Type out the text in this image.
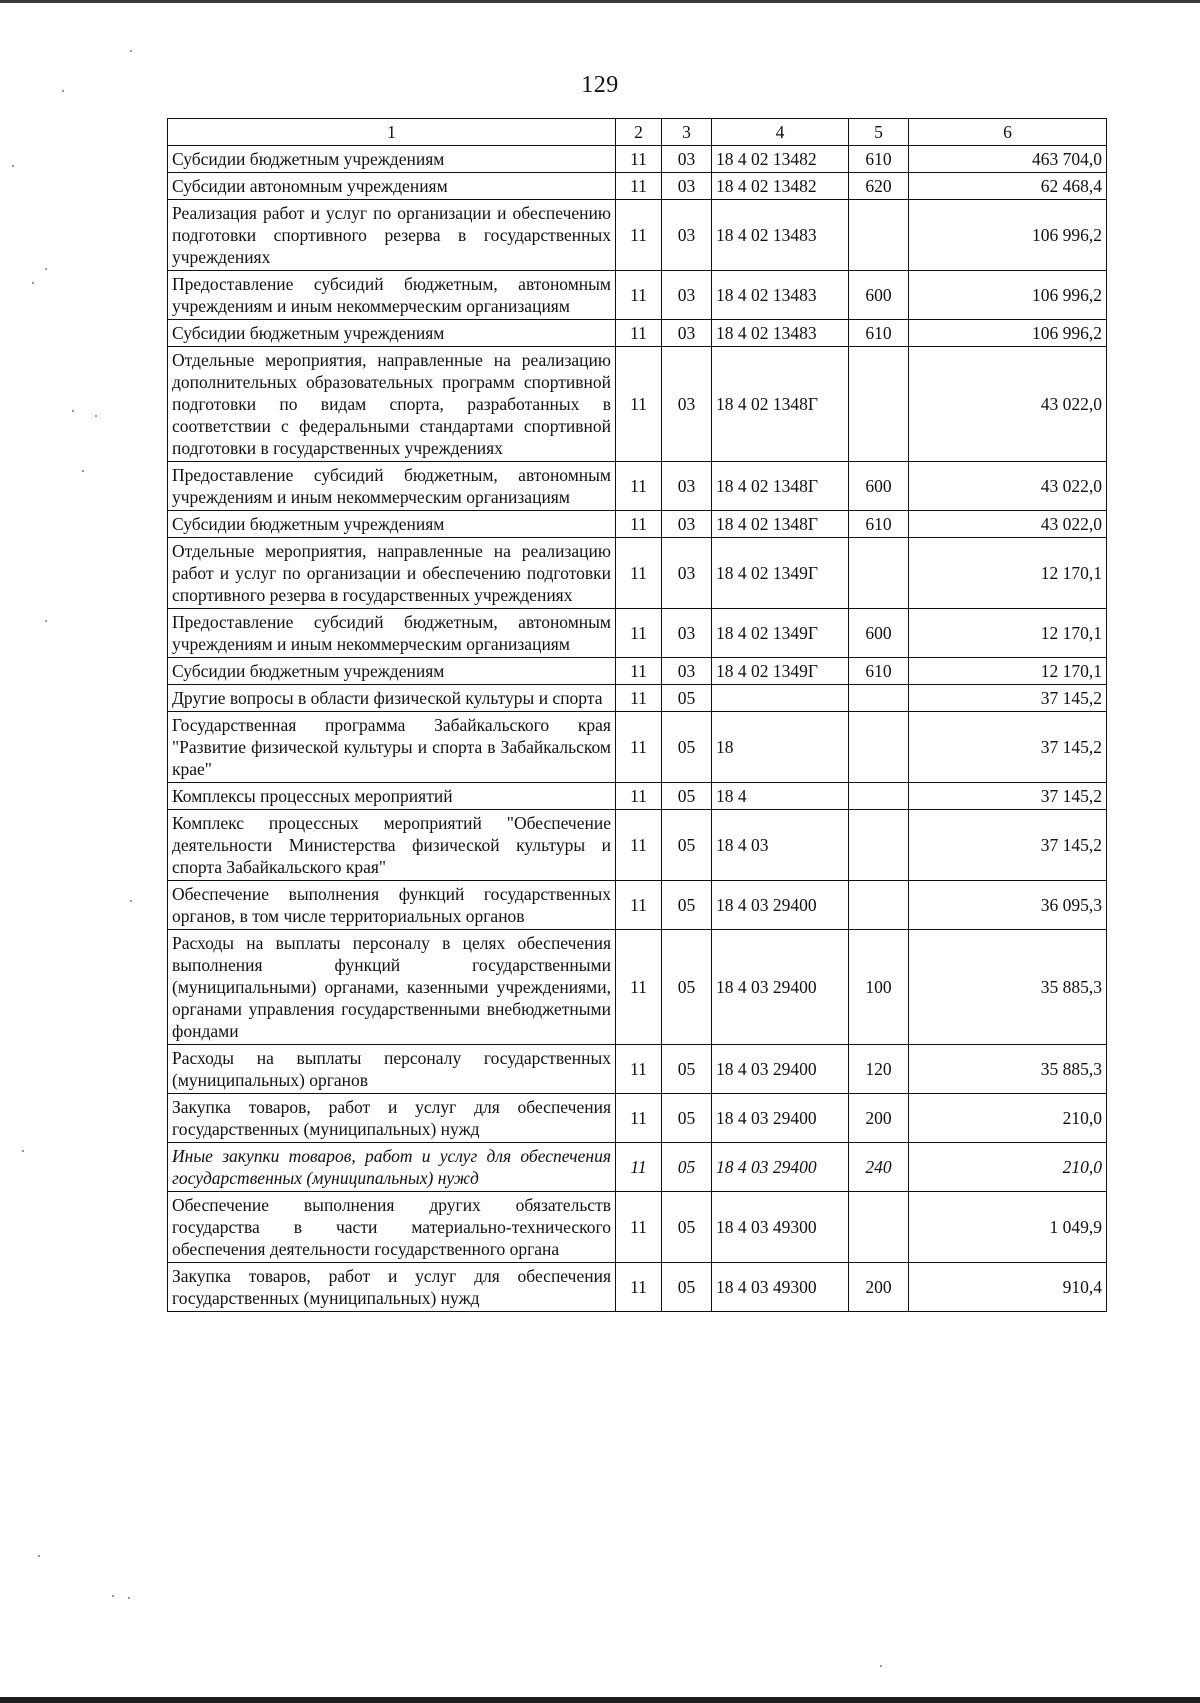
129
1	2	3	4	5	6
Субсидии бюджетным учреждениям	11	03	18 4 02 13482	610	463 704,0
Субсидии автономным учреждениям	11	03	18 4 02 13482	620	62 468,4
Реализация работ и услуг по организации и обеспечению подготовки спортивного резерва в государственных учреждениях	11	03	18 4 02 13483		106 996,2
Предоставление субсидий бюджетным, автономным учреждениям и иным некоммерческим организациям	11	03	18 4 02 13483	600	106 996,2
Субсидии бюджетным учреждениям	11	03	18 4 02 13483	610	106 996,2
Отдельные мероприятия, направленные на реализацию дополнительных образовательных программ спортивной подготовки по видам спорта, разработанных в соответствии с федеральными стандартами спортивной подготовки в государственных учреждениях	11	03	18 4 02 1348Г		43 022,0
Предоставление субсидий бюджетным, автономным учреждениям и иным некоммерческим организациям	11	03	18 4 02 1348Г	600	43 022,0
Субсидии бюджетным учреждениям	11	03	18 4 02 1348Г	610	43 022,0
Отдельные мероприятия, направленные на реализацию работ и услуг по организации и обеспечению подготовки спортивного резерва в государственных учреждениях	11	03	18 4 02 1349Г		12 170,1
Предоставление субсидий бюджетным, автономным учреждениям и иным некоммерческим организациям	11	03	18 4 02 1349Г	600	12 170,1
Субсидии бюджетным учреждениям	11	03	18 4 02 1349Г	610	12 170,1
Другие вопросы в области физической культуры и спорта	11	05			37 145,2
Государственная программа Забайкальского края "Развитие физической культуры и спорта в Забайкальском крае"	11	05	18		37 145,2
Комплексы процессных мероприятий	11	05	18 4		37 145,2
Комплекс процессных мероприятий "Обеспечение деятельности Министерства физической культуры и спорта Забайкальского края"	11	05	18 4 03		37 145,2
Обеспечение выполнения функций государственных органов, в том числе территориальных органов	11	05	18 4 03 29400		36 095,3
Расходы на выплаты персоналу в целях обеспечения выполнения функций государственными (муниципальными) органами, казенными учреждениями, органами управления государственными внебюджетными фондами	11	05	18 4 03 29400	100	35 885,3
Расходы на выплаты персоналу государственных (муниципальных) органов	11	05	18 4 03 29400	120	35 885,3
Закупка товаров, работ и услуг для обеспечения государственных (муниципальных) нужд	11	05	18 4 03 29400	200	210,0
Иные закупки товаров, работ и услуг для обеспечения государственных (муниципальных) нужд	11	05	18 4 03 29400	240	210,0
Обеспечение выполнения других обязательств государства в части материально-технического обеспечения деятельности государственного органа	11	05	18 4 03 49300		1 049,9
Закупка товаров, работ и услуг для обеспечения государственных (муниципальных) нужд	11	05	18 4 03 49300	200	910,4
